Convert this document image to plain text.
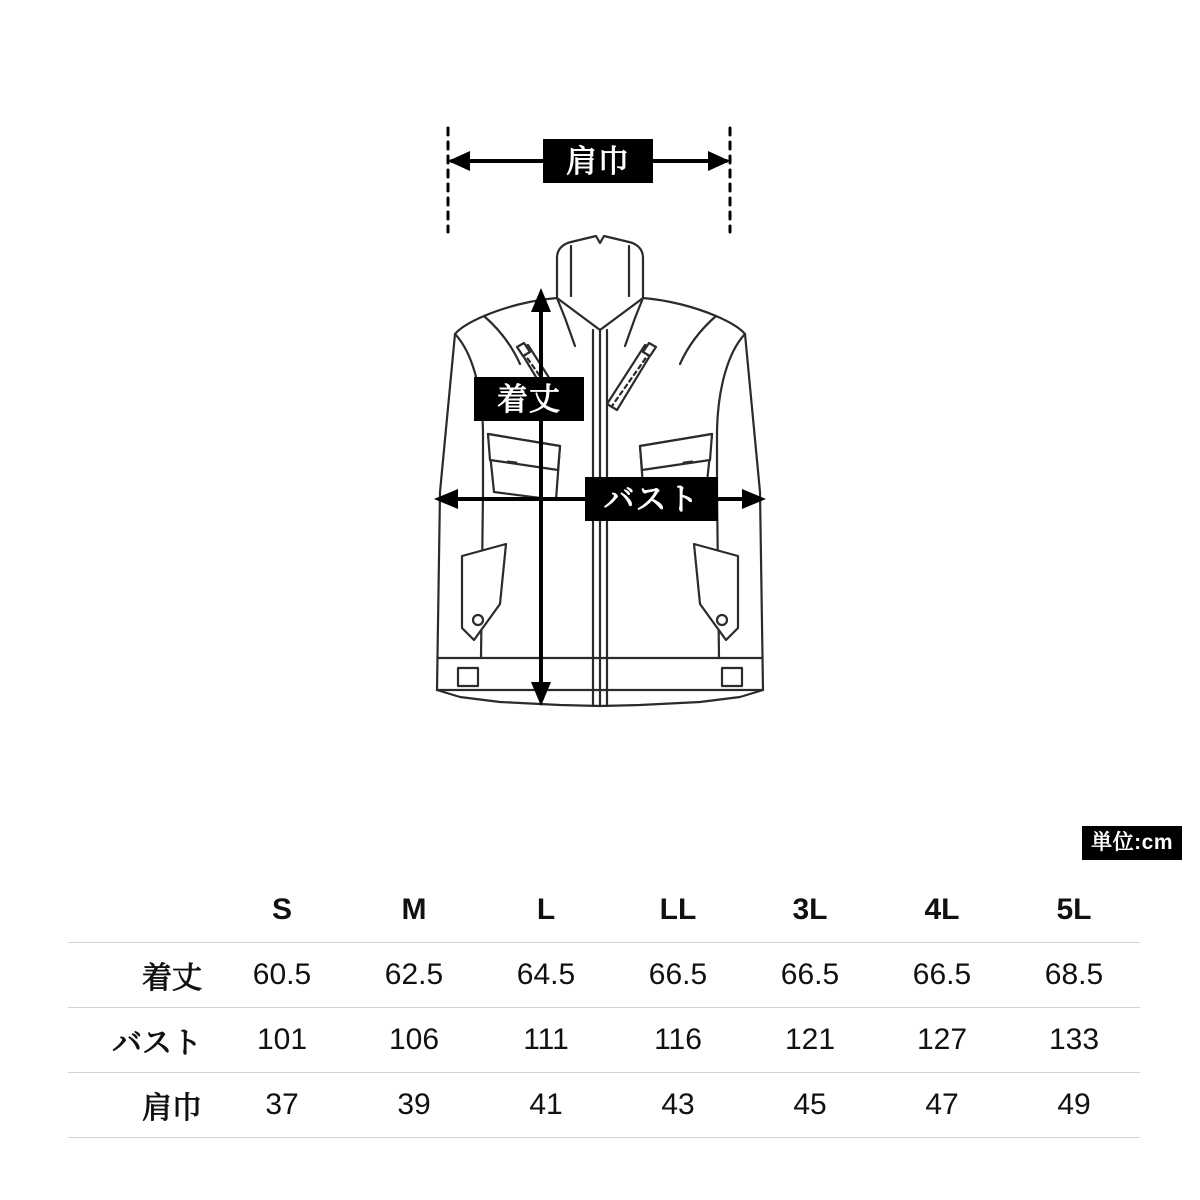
肩巾
着丈
バスト
単位:cm
	S	M	L	LL	3L	4L	5L
着丈	60.5	62.5	64.5	66.5	66.5	66.5	68.5
バスト	101	106	111	116	121	127	133
肩巾	37	39	41	43	45	47	49
